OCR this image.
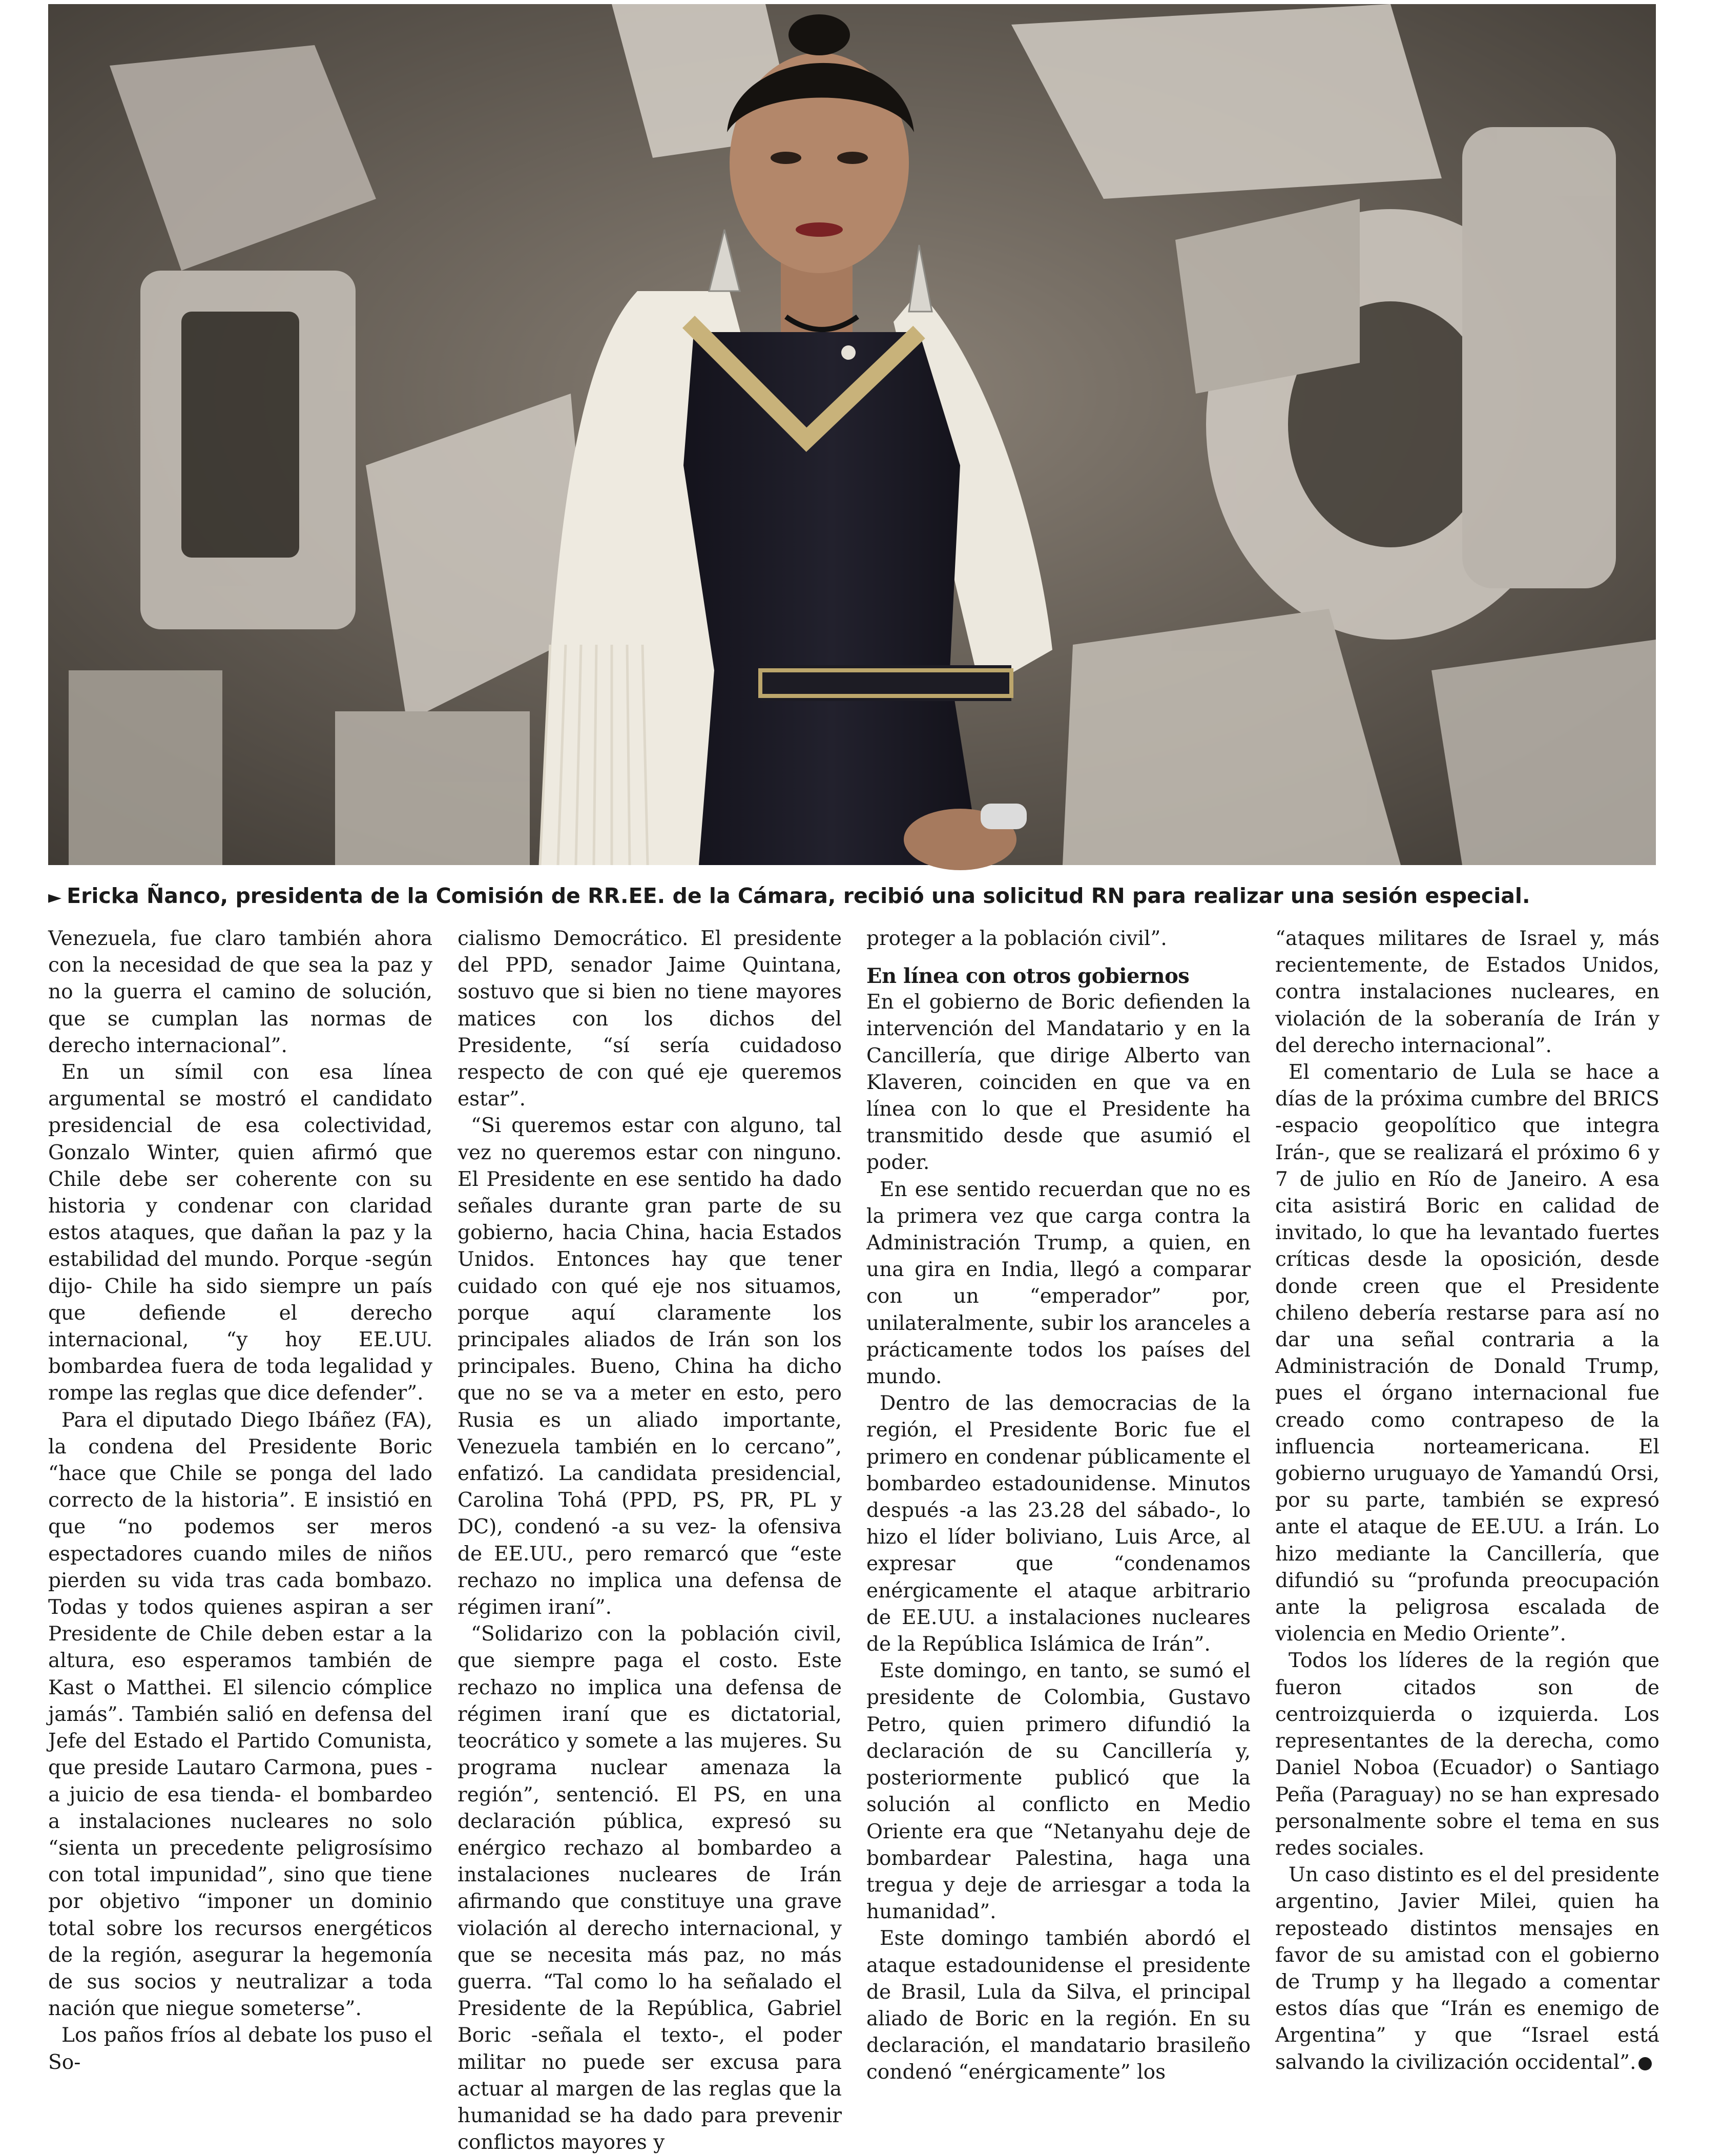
► Ericka Ñanco, presidenta de la Comisión de RR.EE. de la Cámara, recibió una solicitud RN para realizar una sesión especial.

Venezuela, fue claro también ahora con la necesidad de que sea la paz y no la guerra el camino de solución, que se cumplan las normas de derecho internacional”.

En un símil con esa línea argumental se mostró el candidato presidencial de esa colectividad, Gonzalo Winter, quien afirmó que Chile debe ser coherente con su historia y condenar con claridad estos ataques, que dañan la paz y la estabilidad del mundo. Porque -según dijo- Chile ha sido siempre un país que defiende el derecho internacional, “y hoy EE.UU. bombardea fuera de toda legalidad y rompe las reglas que dice defender”.

Para el diputado Diego Ibáñez (FA), la condena del Presidente Boric “hace que Chile se ponga del lado correcto de la historia”. E insistió en que “no podemos ser meros espectadores cuando miles de niños pierden su vida tras cada bombazo. Todas y todos quienes aspiran a ser Presidente de Chile deben estar a la altura, eso esperamos también de Kast o Matthei. El silencio cómplice jamás”. También salió en defensa del Jefe del Estado el Partido Comunista, que preside Lautaro Carmona, pues -a juicio de esa tienda- el bombardeo a instalaciones nucleares no solo “sienta un precedente peligrosísimo con total impunidad”, sino que tiene por objetivo “imponer un dominio total sobre los recursos energéticos de la región, asegurar la hegemonía de sus socios y neutralizar a toda nación que niegue someterse”.

Los paños fríos al debate los puso el So-

cialismo Democrático. El presidente del PPD, senador Jaime Quintana, sostuvo que si bien no tiene mayores matices con los dichos del Presidente, “sí sería cuidadoso respecto de con qué eje queremos estar”.

“Si queremos estar con alguno, tal vez no queremos estar con ninguno. El Presidente en ese sentido ha dado señales durante gran parte de su gobierno, hacia China, hacia Estados Unidos. Entonces hay que tener cuidado con qué eje nos situamos, porque aquí claramente los principales aliados de Irán son los principales. Bueno, China ha dicho que no se va a meter en esto, pero Rusia es un aliado importante, Venezuela también en lo cercano”, enfatizó. La candidata presidencial, Carolina Tohá (PPD, PS, PR, PL y DC), condenó -a su vez- la ofensiva de EE.UU., pero remarcó que “este rechazo no implica una defensa de régimen iraní”.

“Solidarizo con la población civil, que siempre paga el costo. Este rechazo no implica una defensa de régimen iraní que es dictatorial, teocrático y somete a las mujeres. Su programa nuclear amenaza la región”, sentenció. El PS, en una declaración pública, expresó su enérgico rechazo al bombardeo a instalaciones nucleares de Irán afirmando que constituye una grave violación al derecho internacional, y que se necesita más paz, no más guerra. “Tal como lo ha señalado el Presidente de la República, Gabriel Boric -señala el texto-, el poder militar no puede ser excusa para actuar al margen de las reglas que la humanidad se ha dado para prevenir conflictos mayores y

proteger a la población civil”.

En línea con otros gobiernos

En el gobierno de Boric defienden la intervención del Mandatario y en la Cancillería, que dirige Alberto van Klaveren, coinciden en que va en línea con lo que el Presidente ha transmitido desde que asumió el poder.

En ese sentido recuerdan que no es la primera vez que carga contra la Administración Trump, a quien, en una gira en India, llegó a comparar con un “emperador” por, unilateralmente, subir los aranceles a prácticamente todos los países del mundo.

Dentro de las democracias de la región, el Presidente Boric fue el primero en condenar públicamente el bombardeo estadounidense. Minutos después -a las 23.28 del sábado-, lo hizo el líder boliviano, Luis Arce, al expresar que “condenamos enérgicamente el ataque arbitrario de EE.UU. a instalaciones nucleares de la República Islámica de Irán”.

Este domingo, en tanto, se sumó el presidente de Colombia, Gustavo Petro, quien primero difundió la declaración de su Cancillería y, posteriormente publicó que la solución al conflicto en Medio Oriente era que “Netanyahu deje de bombardear Palestina, haga una tregua y deje de arriesgar a toda la humanidad”.

Este domingo también abordó el ataque estadounidense el presidente de Brasil, Lula da Silva, el principal aliado de Boric en la región. En su declaración, el mandatario brasileño condenó “enérgicamente” los

“ataques militares de Israel y, más recientemente, de Estados Unidos, contra instalaciones nucleares, en violación de la soberanía de Irán y del derecho internacional”.

El comentario de Lula se hace a días de la próxima cumbre del BRICS -espacio geopolítico que integra Irán-, que se realizará el próximo 6 y 7 de julio en Río de Janeiro. A esa cita asistirá Boric en calidad de invitado, lo que ha levantado fuertes críticas desde la oposición, desde donde creen que el Presidente chileno debería restarse para así no dar una señal contraria a la Administración de Donald Trump, pues el órgano internacional fue creado como contrapeso de la influencia norteamericana. El gobierno uruguayo de Yamandú Orsi, por su parte, también se expresó ante el ataque de EE.UU. a Irán. Lo hizo mediante la Cancillería, que difundió su “profunda preocupación ante la peligrosa escalada de violencia en Medio Oriente”.

Todos los líderes de la región que fueron citados son de centroizquierda o izquierda. Los representantes de la derecha, como Daniel Noboa (Ecuador) o Santiago Peña (Paraguay) no se han expresado personalmente sobre el tema en sus redes sociales.

Un caso distinto es el del presidente argentino, Javier Milei, quien ha reposteado distintos mensajes en favor de su amistad con el gobierno de Trump y ha llegado a comentar estos días que “Irán es enemigo de Argentina” y que “Israel está salvando la civilización occidental”.
